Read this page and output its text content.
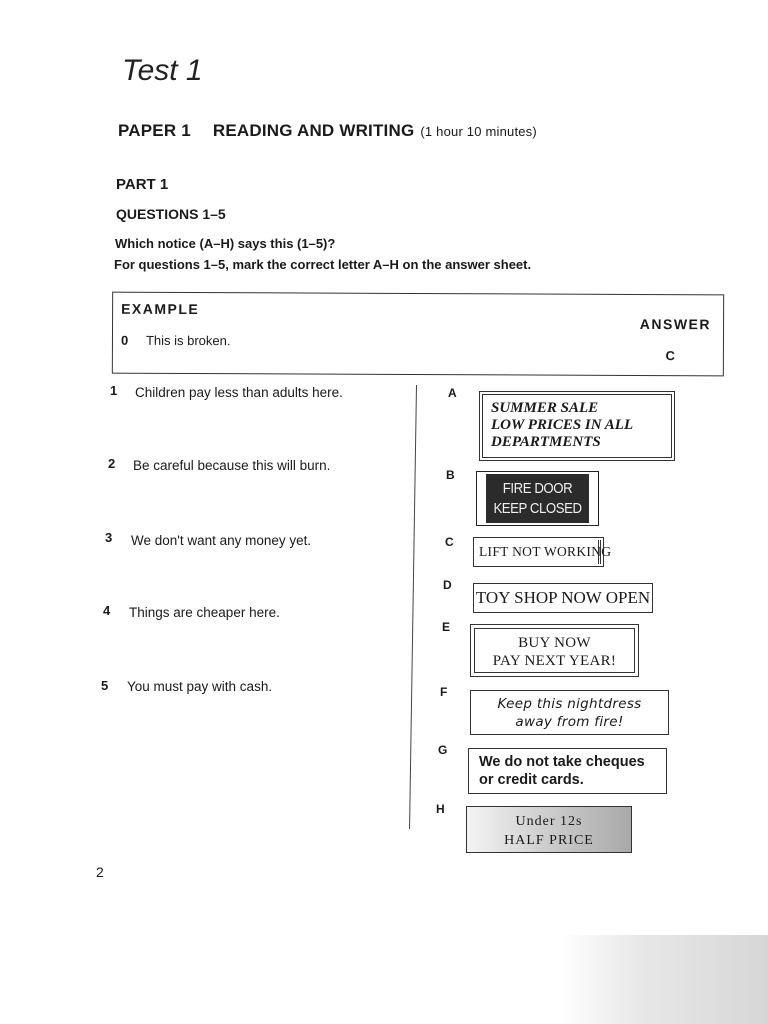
Test 1
PAPER 1 READING AND WRITING (1 hour 10 minutes)
PART 1
QUESTIONS 1–5
Which notice (A–H) says this (1–5)?
For questions 1–5, mark the correct letter A–H on the answer sheet.
EXAMPLE
ANSWER
0 This is broken.
C
1 Children pay less than adults here.
2 Be careful because this will burn.
3 We don't want any money yet.
4 Things are cheaper here.
5 You must pay with cash.
A
B
C
D
E
F
G
H
SUMMER SALE
LOW PRICES IN ALL
DEPARTMENTS
FIRE DOOR
KEEP CLOSED
LIFT NOT WORKING
TOY SHOP NOW OPEN
BUY NOW
PAY NEXT YEAR!
Keep this nightdress
away from fire!
We do not take cheques
or credit cards.
Under 12s
HALF PRICE
2
